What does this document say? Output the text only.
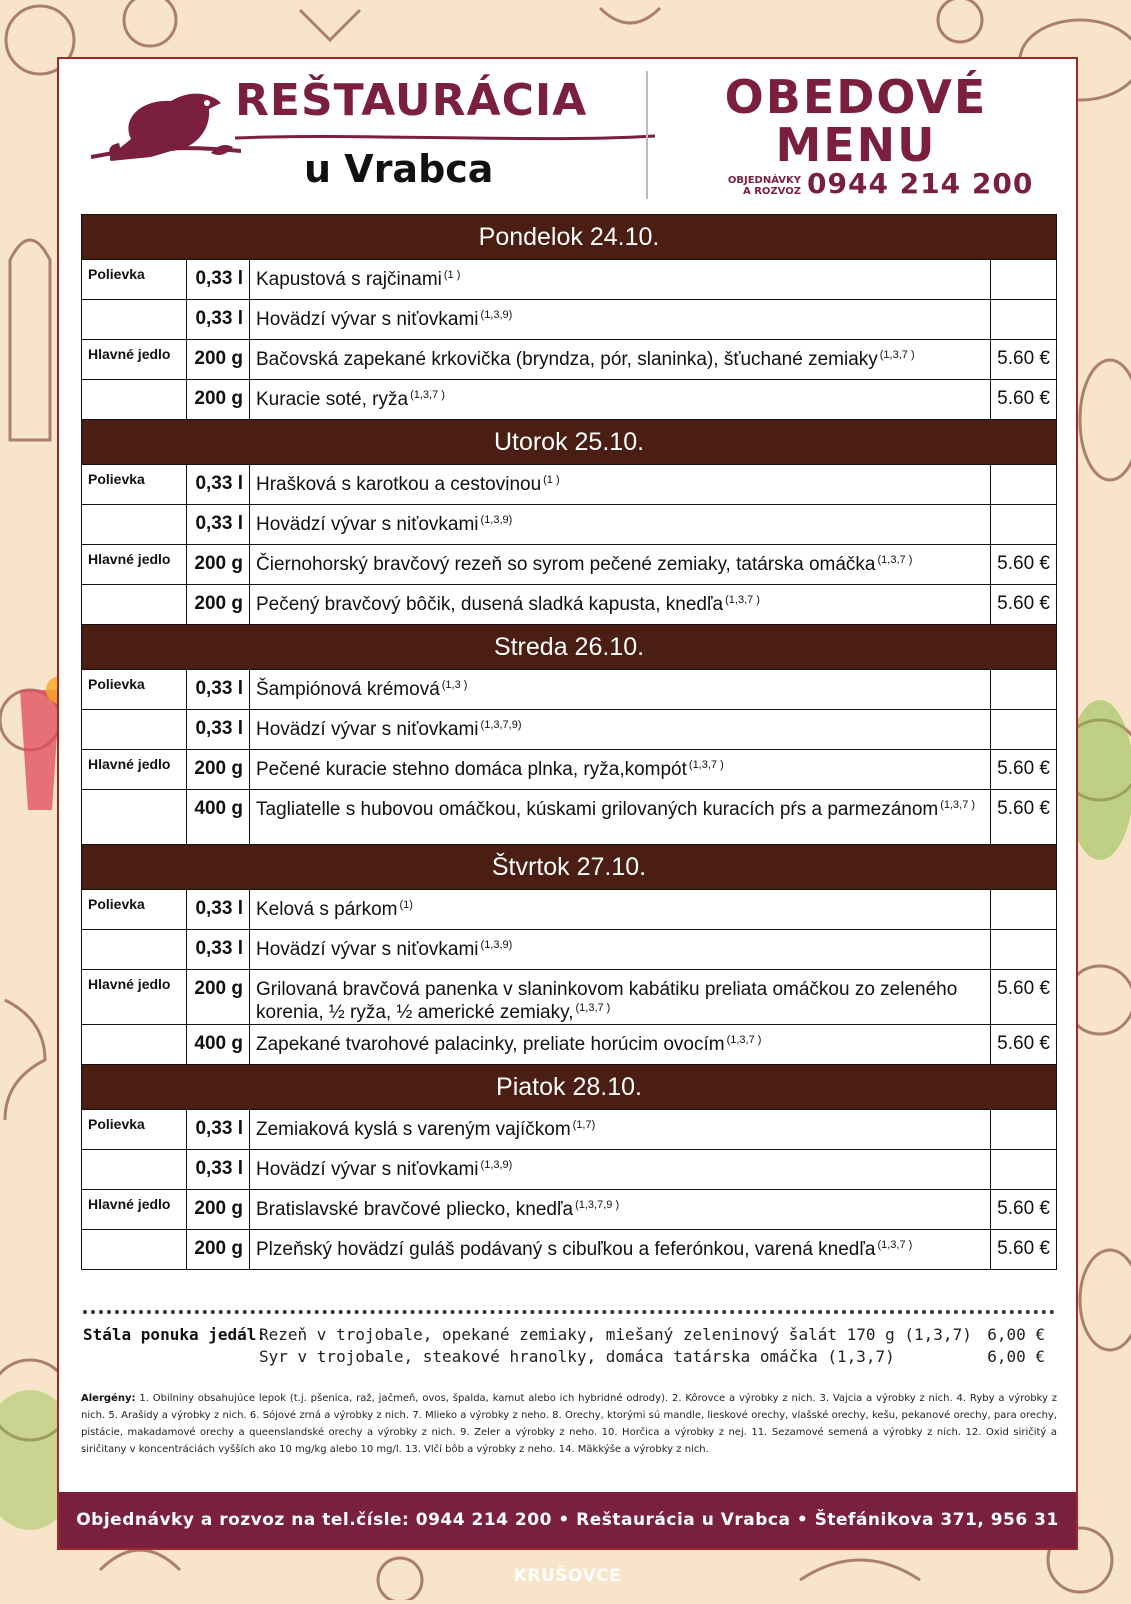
REŠTAURÁCIA
u Vrabca
OBEDOVÉ
MENU
OBJEDNÁVKY
A ROZVOZ 0944 214 200
Pondelok 24.10.			
Polievka	0,33 l	Kapustová s rajčinami $^{(1 )}$	
	0,33 l	Hovädzí vývar s niťovkami $^{(1,3,9)}$	
Hlavné jedlo	200 g	Bačovská zapekané krkovička (bryndza, pór, slaninka), šťuchané zemiaky $^{(1,3,7 )}$	5.60 €
	200 g	Kuracie soté, ryža $^{(1,3,7 )}$	5.60 €
Utorok 25.10.			
Polievka	0,33 l	Hrašková s karotkou a cestovinou $^{(1 )}$	
	0,33 l	Hovädzí vývar s niťovkami $^{(1,3,9)}$	
Hlavné jedlo	200 g	Čiernohorský bravčový rezeň so syrom pečené zemiaky, tatárska omáčka $^{(1,3,7 )}$	5.60 €
	200 g	Pečený bravčový bôčik, dusená sladká kapusta, knedľa $^{(1,3,7 )}$	5.60 €
Streda 26.10.			
Polievka	0,33 l	Šampiónová krémová $^{(1,3 )}$	
	0,33 l	Hovädzí vývar s niťovkami $^{(1,3,7,9)}$	
Hlavné jedlo	200 g	Pečené kuracie stehno domáca plnka, ryža,kompót $^{(1,3,7 )}$	5.60 €
	400 g	Tagliatelle s hubovou omáčkou, kúskami grilovaných kuracích pŕs a parmezánom $^{(1,3,7 )}$	5.60 €
Štvrtok 27.10.			
Polievka	0,33 l	Kelová s párkom $^{(1)}$	
	0,33 l	Hovädzí vývar s niťovkami $^{(1,3,9)}$	
Hlavné jedlo	200 g	Grilovaná bravčová panenka v slaninkovom kabátiku preliata omáčkou zo zeleného korenia, ½ ryža, ½ americké zemiaky, $^{(1,3,7 )}$	5.60 €
	400 g	Zapekané tvarohové palacinky, preliate horúcim ovocím $^{(1,3,7 )}$	5.60 €
Piatok 28.10.			
Polievka	0,33 l	Zemiaková kyslá s vareným vajíčkom $^{(1,7)}$	
	0,33 l	Hovädzí vývar s niťovkami $^{(1,3,9)}$	
Hlavné jedlo	200 g	Bratislavské bravčové pliecko, knedľa $^{(1,3,7,9 )}$	5.60 €
	200 g	Plzeňský hovädzí guláš podávaný s cibuľkou a feferónkou, varená knedľa $^{(1,3,7 )}$	5.60 €
Stála ponuka jedál:
Rezeň v trojobale, opekané zemiaky, miešaný zeleninový šalát 170 g (1,3,7) 6,00 €
Syr v trojobale, steakové hranolky, domáca tatárska omáčka (1,3,7)	6,00 €
Alergény: 1. Obilniny obsahujúce lepok (t.j. pšenica, raž, jačmeň, ovos, špalda, kamut alebo ich hybridné odrody). 2. Kôrovce a výrobky z nich. 3. Vajcia a výrobky z nich. 4. Ryby a výrobky z nich. 5. Arašidy a výrobky z nich. 6. Sójové zrná a výrobky z nich. 7. Mlieko a výrobky z neho. 8. Orechy, ktorými sú mandle, lieskové orechy, vlašské orechy, kešu, pekanové orechy, para orechy, pistácie, makadamové orechy a queenslandské orechy a výrobky z nich. 9. Zeler a výrobky z neho. 10. Horčica a výrobky z nej. 11. Sezamové semená a výrobky z nich. 12. Oxid siričitý a siričitany v koncentráciách vyšších ako 10 mg/kg alebo 10 mg/l. 13. Vlčí bôb a výrobky z neho. 14. Mäkkýše a výrobky z nich.
Objednávky a rozvoz na tel.čísle: 0944 214 200 • Reštaurácia u Vrabca • Štefánikova 371, 956 31 KRUŠOVCE
